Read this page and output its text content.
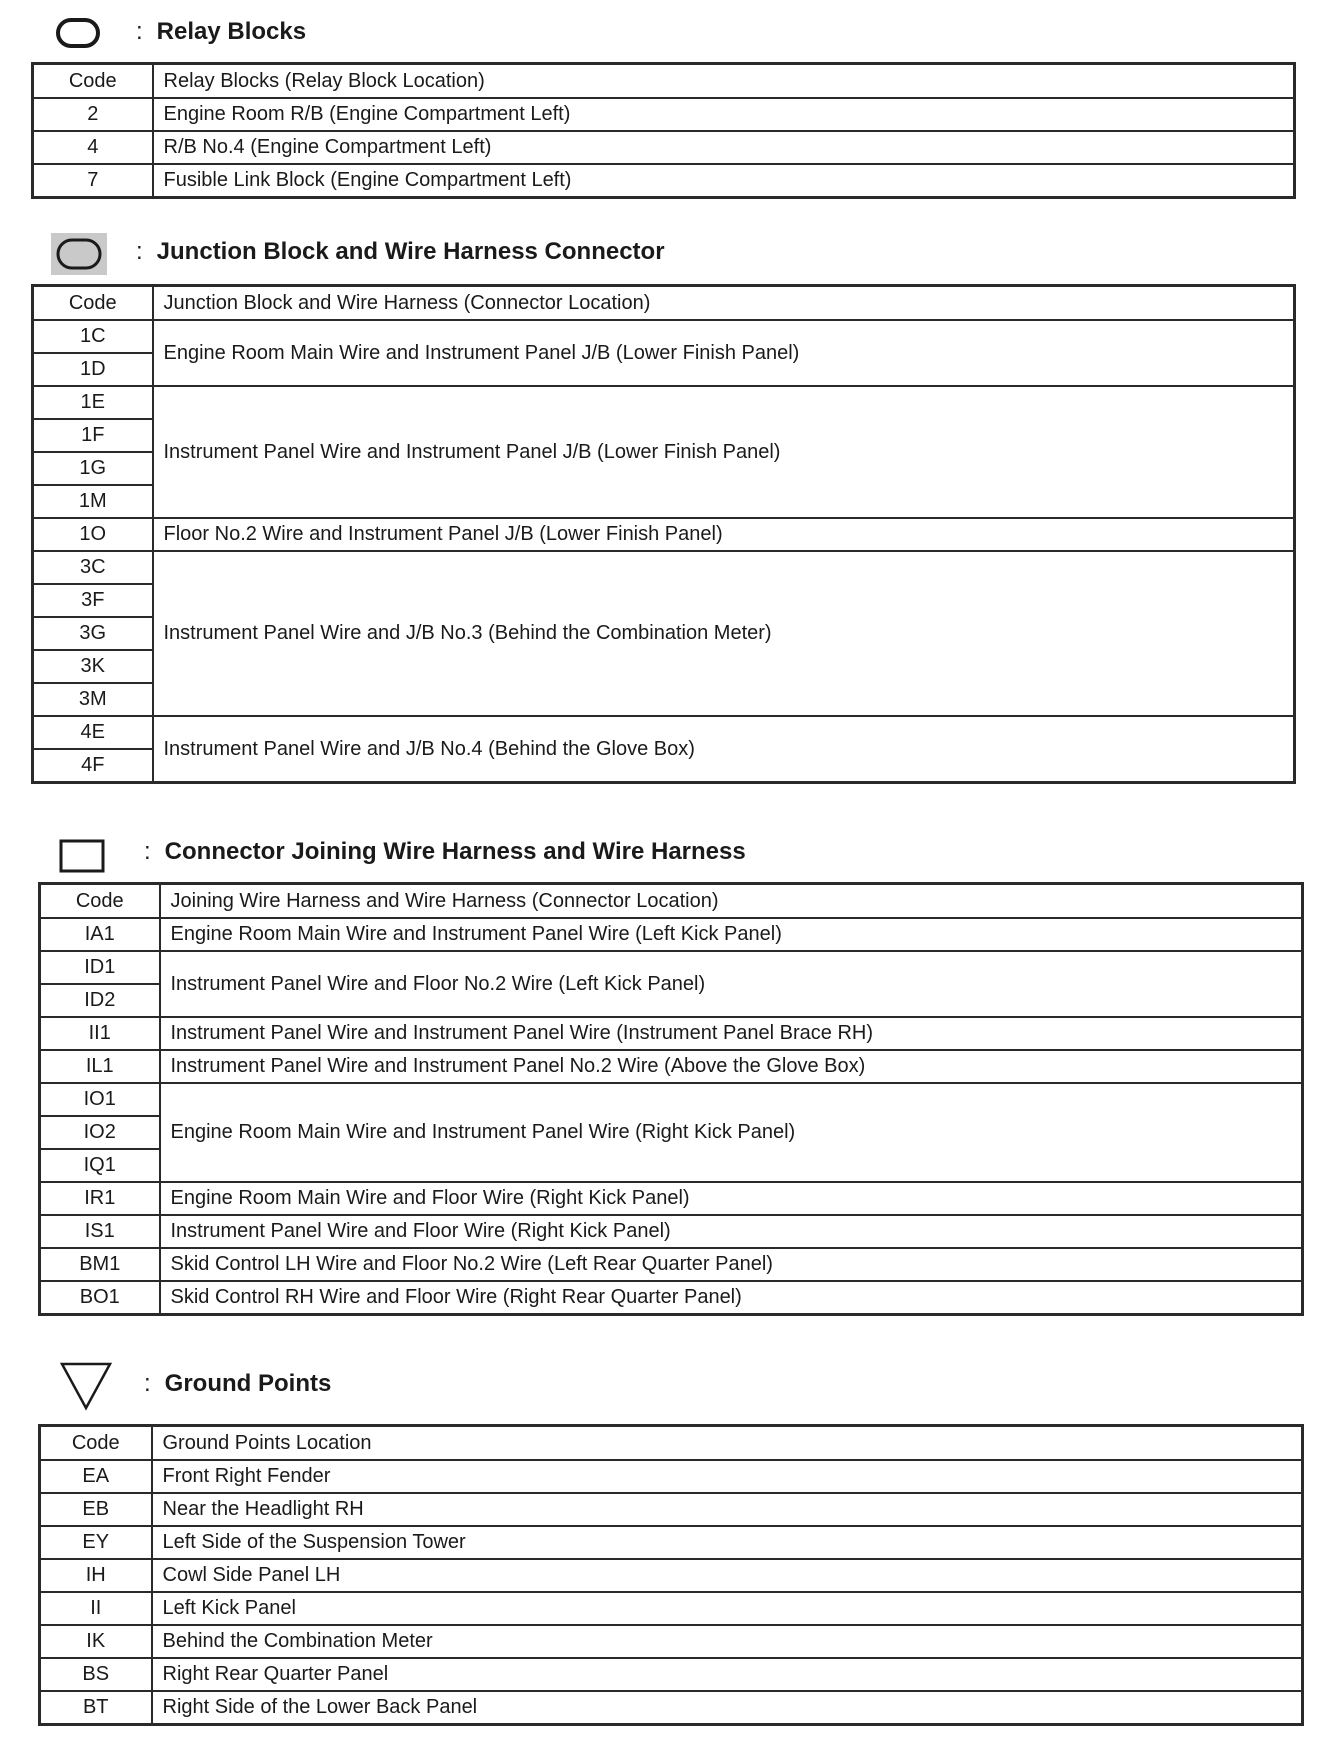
: Relay Blocks
Code	Relay Blocks (Relay Block Location)
2	Engine Room R/B (Engine Compartment Left)
4	R/B No.4 (Engine Compartment Left)
7	Fusible Link Block (Engine Compartment Left)
: Junction Block and Wire Harness Connector
Code	Junction Block and Wire Harness (Connector Location)
1C	Engine Room Main Wire and Instrument Panel J/B (Lower Finish Panel)
1D	
1E	Instrument Panel Wire and Instrument Panel J/B (Lower Finish Panel)
1F	
1G	
1M	
1O	Floor No.2 Wire and Instrument Panel J/B (Lower Finish Panel)
3C	Instrument Panel Wire and J/B No.3 (Behind the Combination Meter)
3F	
3G	
3K	
3M	
4E	Instrument Panel Wire and J/B No.4 (Behind the Glove Box)
4F	
: Connector Joining Wire Harness and Wire Harness
Code	Joining Wire Harness and Wire Harness (Connector Location)
IA1	Engine Room Main Wire and Instrument Panel Wire (Left Kick Panel)
ID1	Instrument Panel Wire and Floor No.2 Wire (Left Kick Panel)
ID2	
II1	Instrument Panel Wire and Instrument Panel Wire (Instrument Panel Brace RH)
IL1	Instrument Panel Wire and Instrument Panel No.2 Wire (Above the Glove Box)
IO1	Engine Room Main Wire and Instrument Panel Wire (Right Kick Panel)
IO2	
IQ1	
IR1	Engine Room Main Wire and Floor Wire (Right Kick Panel)
IS1	Instrument Panel Wire and Floor Wire (Right Kick Panel)
BM1	Skid Control LH Wire and Floor No.2 Wire (Left Rear Quarter Panel)
BO1	Skid Control RH Wire and Floor Wire (Right Rear Quarter Panel)
: Ground Points
Code	Ground Points Location
EA	Front Right Fender
EB	Near the Headlight RH
EY	Left Side of the Suspension Tower
IH	Cowl Side Panel LH
II	Left Kick Panel
IK	Behind the Combination Meter
BS	Right Rear Quarter Panel
BT	Right Side of the Lower Back Panel
